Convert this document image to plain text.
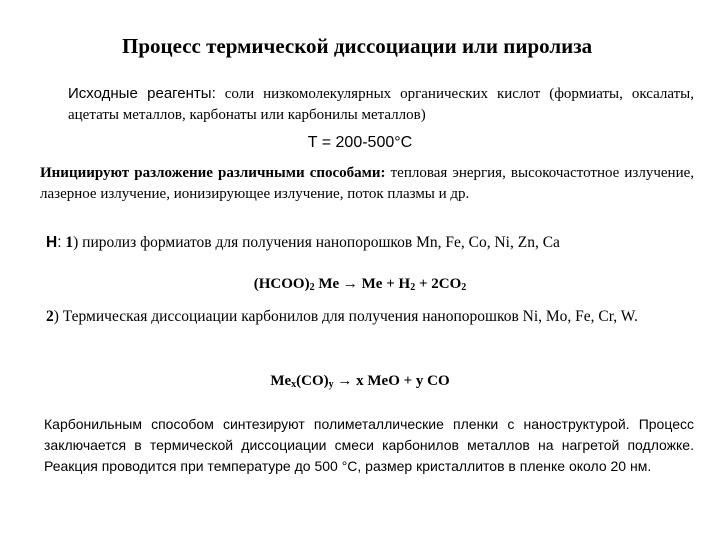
Процесс термической диссоциации или пиролиза
Исходные реагенты: соли низкомолекулярных органических кислот (формиаты, оксалаты, ацетаты металлов, карбонаты или карбонилы металлов)
T = 200-500°C
Инициируют разложение различными способами: тепловая энергия, высокочастотное излучение, лазерное излучение, ионизирующее излучение, поток плазмы и др.
Н: 1) пиролиз формиатов для получения нанопорошков Mn, Fe, Co, Ni, Zn, Ca
$(HCOO)_2$ $Me \to Me + H_2 + 2CO_2$
2) Термическая диссоциации карбонилов для получения нанопорошков Ni, Mo, Fe, Cr, W.
$Me_x(CO)_y \to x$ MeO + y CO
Карбонильным способом синтезируют полиметаллические пленки с наноструктурой. Процесс заключается в термической диссоциации смеси карбонилов металлов на нагретой подложке. Реакция проводится при температуре до 500 °С, размер кристаллитов в пленке около 20 нм.
